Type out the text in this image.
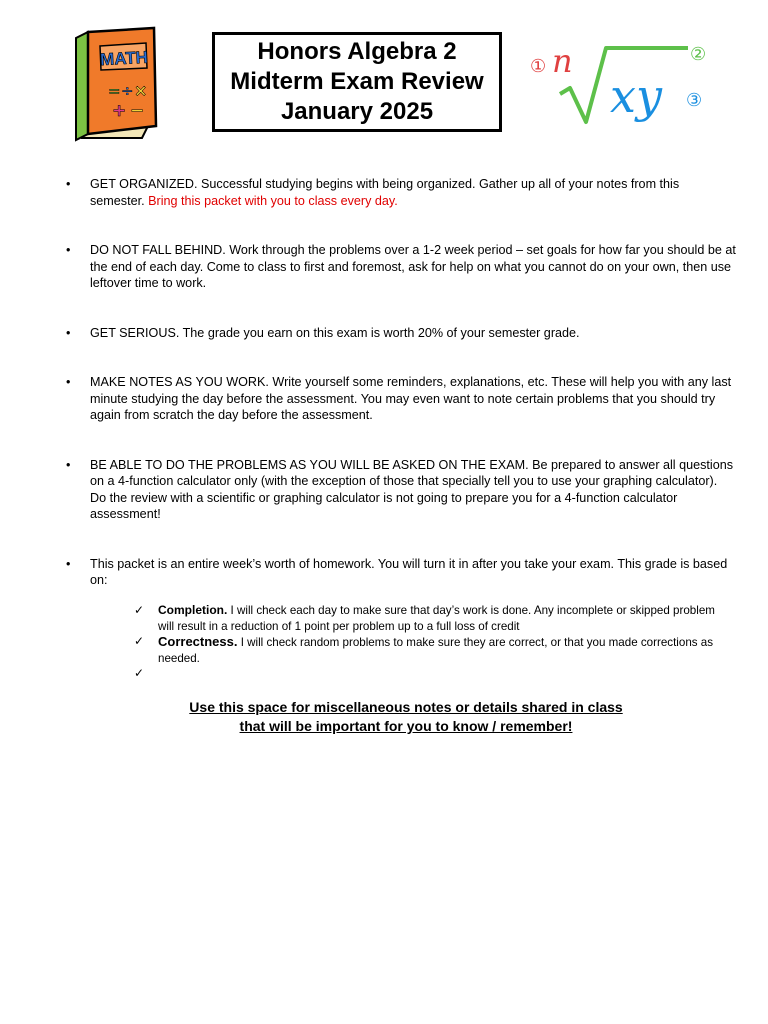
MATH
= ÷ ×
+ −
Honors Algebra 2
Midterm Exam Review
January 2025
① n	②
xy ③
• GET ORGANIZED. Successful studying begins with being organized. Gather up all of your notes from this semester. Bring this packet with you to class every day.
• DO NOT FALL BEHIND. Work through the problems over a 1-2 week period – set goals for how far you should be at the end of each day. Come to class to first and foremost, ask for help on what you cannot do on your own, then use leftover time to work.
• GET SERIOUS. The grade you earn on this exam is worth 20% of your semester grade.
• MAKE NOTES AS YOU WORK. Write yourself some reminders, explanations, etc. These will help you with any last minute studying the day before the assessment. You may even want to note certain problems that you should try again from scratch the day before the assessment.
• BE ABLE TO DO THE PROBLEMS AS YOU WILL BE ASKED ON THE EXAM. Be prepared to answer all questions on a 4-function calculator only (with the exception of those that specially tell you to use your graphing calculator). Do the review with a scientific or graphing calculator is not going to prepare you for a 4-function calculator assessment!
• This packet is an entire week’s worth of homework. You will turn it in after you take your exam. This grade is based on:
✓ Completion. I will check each day to make sure that day’s work is done. Any incomplete or skipped problem will result in a reduction of 1 point per problem up to a full loss of credit
✓ Correctness. I will check random problems to make sure they are correct, or that you made corrections as needed.
✓

Use this space for miscellaneous notes or details shared in class
that will be important for you to know / remember!
